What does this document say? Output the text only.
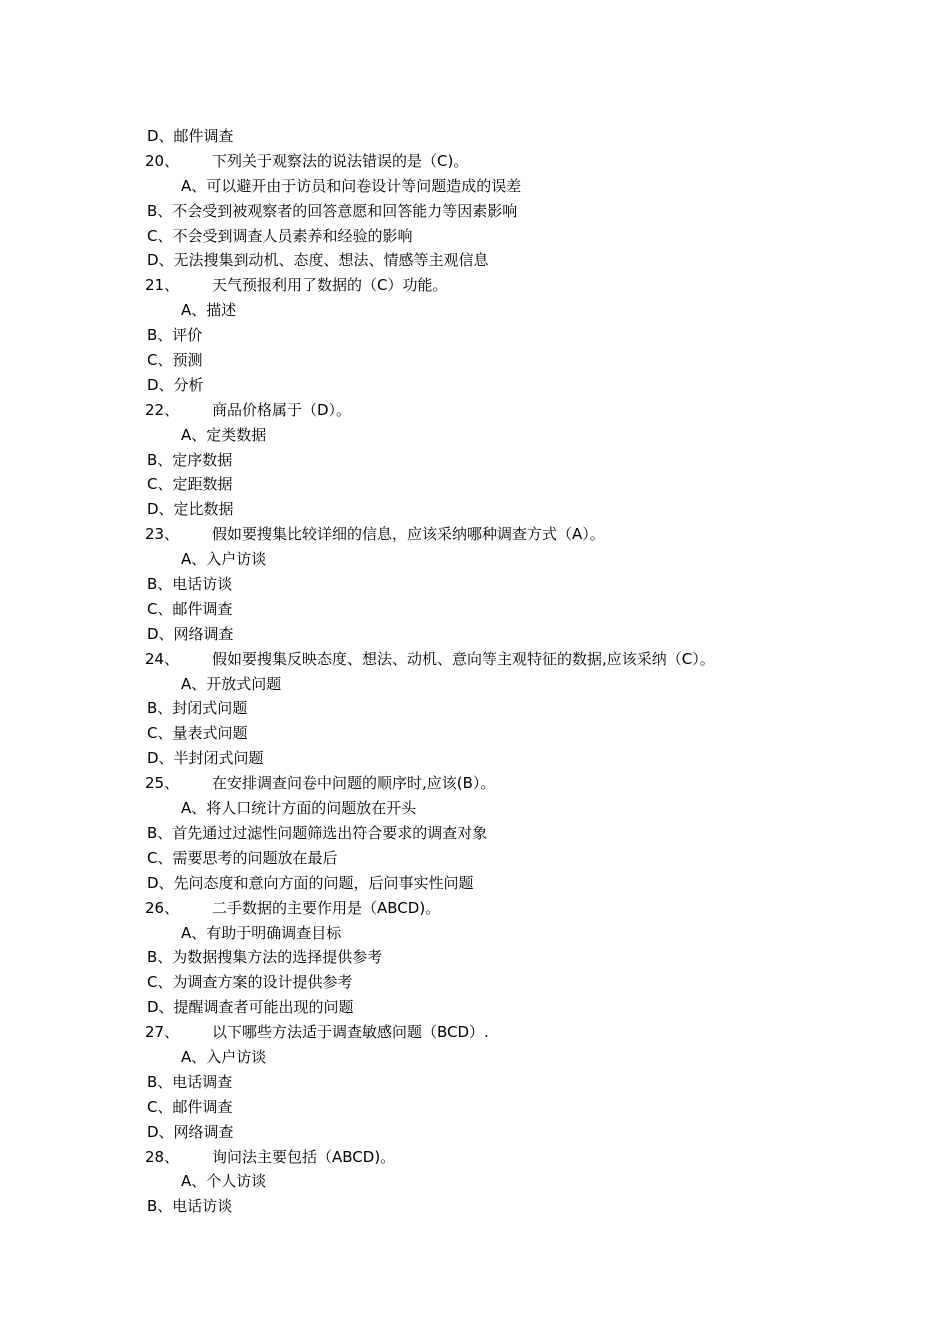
D、邮件调查
20、 下列关于观察法的说法错误的是（C)。
A、可以避开由于访员和问卷设计等问题造成的误差
B、不会受到被观察者的回答意愿和回答能力等因素影响
C、不会受到调查人员素养和经验的影响
D、无法搜集到动机、态度、想法、情感等主观信息
21、 天气预报利用了数据的（C）功能。
A、描述
B、评价
C、预测
D、分析
22、 商品价格属于（D）。
A、定类数据
B、定序数据
C、定距数据
D、定比数据
23、 假如要搜集比较详细的信息，应该采纳哪种调查方式（A）。
A、入户访谈
B、电话访谈
C、邮件调查
D、网络调查
24、 假如要搜集反映态度、想法、动机、意向等主观特征的数据,应该采纳（C）。
A、开放式问题
B、封闭式问题
C、量表式问题
D、半封闭式问题
25、 在安排调查问卷中问题的顺序时,应该(B）。
A、将人口统计方面的问题放在开头
B、首先通过过滤性问题筛选出符合要求的调查对象
C、需要思考的问题放在最后
D、先问态度和意向方面的问题，后问事实性问题
26、 二手数据的主要作用是（ABCD)。
A、有助于明确调查目标
B、为数据搜集方法的选择提供参考
C、为调查方案的设计提供参考
D、提醒调查者可能出现的问题
27、 以下哪些方法适于调查敏感问题（BCD）.
A、入户访谈
B、电话调查
C、邮件调查
D、网络调查
28、 询问法主要包括（ABCD)。
A、个人访谈
B、电话访谈
